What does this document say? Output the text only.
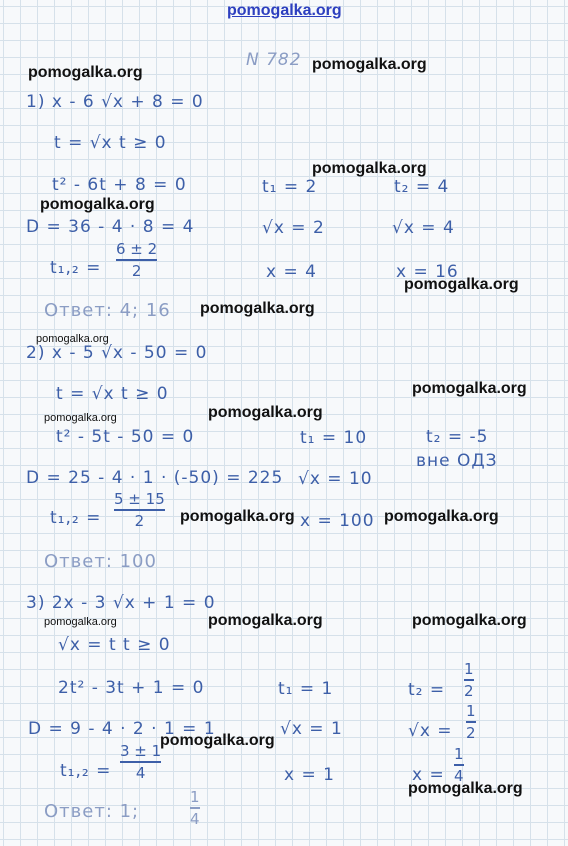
pomogalka.org
N 782
1) x - 6 √x + 8 = 0
t = √x t ≥ 0
t² - 6t + 8 = 0	t₁ = 2	t₂ = 4
D = 36 - 4 · 8 = 4	√x = 2	√x = 4
t₁,₂ =
6 ± 2
2	x = 4	x = 16
Ответ: 4; 16
2) x - 5 √x - 50 = 0
t = √x t ≥ 0
t² - 5t - 50 = 0	t₁ = 10	t₂ = -5
вне ОДЗ
D = 25 - 4 · 1 · (-50) = 225 √x = 10
t₁,₂ =
5 ± 15
2	x = 100
Ответ: 100
3) 2x - 3 √x + 1 = 0
√x = t t ≥ 0
2t² - 3t + 1 = 0	t₁ = 1	t₂ =
1
2
D = 9 - 4 · 2 · 1 = 1	√x = 1	√x =
1
2
t₁,₂ =
3 ± 1
4	x = 1	x =
1
4
Ответ: 1;
1
4
pomogalka.org	pomogalka.org
pomogalka.org
pomogalka.org
pomogalka.org
pomogalka.org
pomogalka.org
pomogalka.org
pomogalka.org
pomogalka.org
pomogalka.org	pomogalka.org
pomogalka.org	pomogalka.org	pomogalka.org
pomogalka.org
pomogalka.org
